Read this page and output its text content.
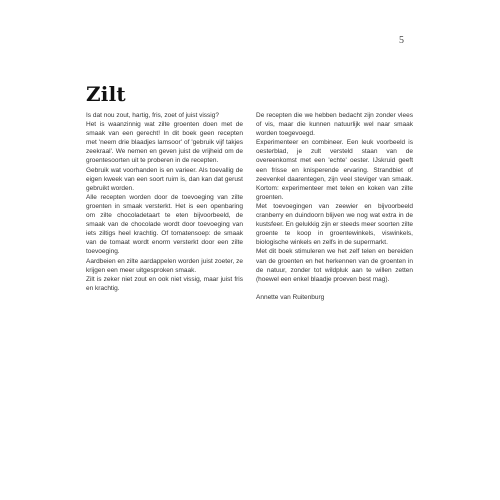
5
Zilt

Is dat nou zout, hartig, fris, zoet of juist vissig?

Het is waanzinnig wat zilte groenten doen met de smaak van een gerecht! In dit boek geen recepten met 'neem drie blaadjes lamsoor' of 'gebruik vijf takjes zeekraal'. We nemen en geven juist de vrijheid om de groentesoorten uit te proberen in de recepten.

Gebruik wat voorhanden is en varieer. Als toevallig de eigen kweek van een soort ruim is, dan kan dat gerust gebruikt worden.

Alle recepten worden door de toevoeging van zilte groenten in smaak versterkt. Het is een openbaring om zilte chocoladetaart te eten bijvoorbeeld, de smaak van de chocolade wordt door toevoeging van iets ziltigs heel krachtig. Of tomatensoep: de smaak van de tomaat wordt enorm versterkt door een zilte toevoeging.

Aardbeien en zilte aardappelen worden juist zoeter, ze krijgen een meer uitgesproken smaak.

Zilt is zeker niet zout en ook niet vissig, maar juist fris en krachtig.

De recepten die we hebben bedacht zijn zonder vlees of vis, maar die kunnen natuurlijk wel naar smaak worden toegevoegd.

Experimenteer en combineer. Een leuk voorbeeld is oesterblad, je zult versteld staan van de overeenkomst met een 'echte' oester. IJskruid geeft een frisse en knisperende ervaring. Strandbiet of zeevenkel daarentegen, zijn veel steviger van smaak. Kortom: experimenteer met telen en koken van zilte groenten.

Met toevoegingen van zeewier en bijvoorbeeld cranberry en duindoorn blijven we nog wat extra in de kustsfeer. En gelukkig zijn er steeds meer soorten zilte groente te koop in groentewinkels, viswinkels, biologische winkels en zelfs in de supermarkt.

Met dit boek stimuleren we het zelf telen en bereiden van de groenten en het herkennen van de groenten in de natuur, zonder tot wildpluk aan te willen zetten (hoewel een enkel blaadje proeven best mag).

Annette van Ruitenburg
